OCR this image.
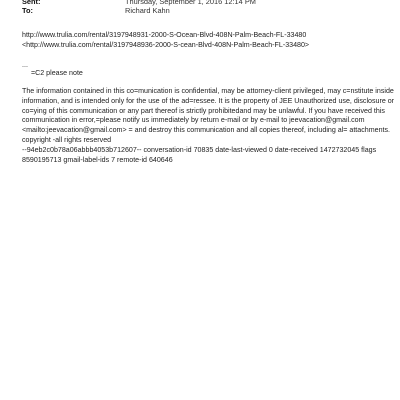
Sent:	Thursday, September 1, 2016 12:14 PM
To:	Richard Kahn
http://www.trulia.com/rental/3197948931-2000-S-Ocean-Blvd-408N-Palm-Beach-FL-33480
<http://www.trulia.com/rental/3197948936-2000-S-cean-Blvd-408N-Palm-Beach-FL-33480>
...
=C2 please note
The information contained in this co=munication is confidential, may be attorney-client privileged, may c=nstitute inside
information, and is intended only for the use of the ad=ressee. It is the property of JEE Unauthorized use, disclosure or
co=ying of this communication or any part thereof is strictly prohibitedand may be unlawful. If you have received this
communication in error,=please notify us immediately by return e-mail or by e-mail to jeevacation@gmail.com
<mailto:jeevacation@gmail.com> = and destroy this communication and all copies thereof, including al= attachments.
copyright -all rights reserved
--94eb2c0b78a06abbb4053b712607-- conversation-id 70835 date-last-viewed 0 date-received 1472732045 flags
8590195713 gmail-label-ids 7 remote-id 640646
